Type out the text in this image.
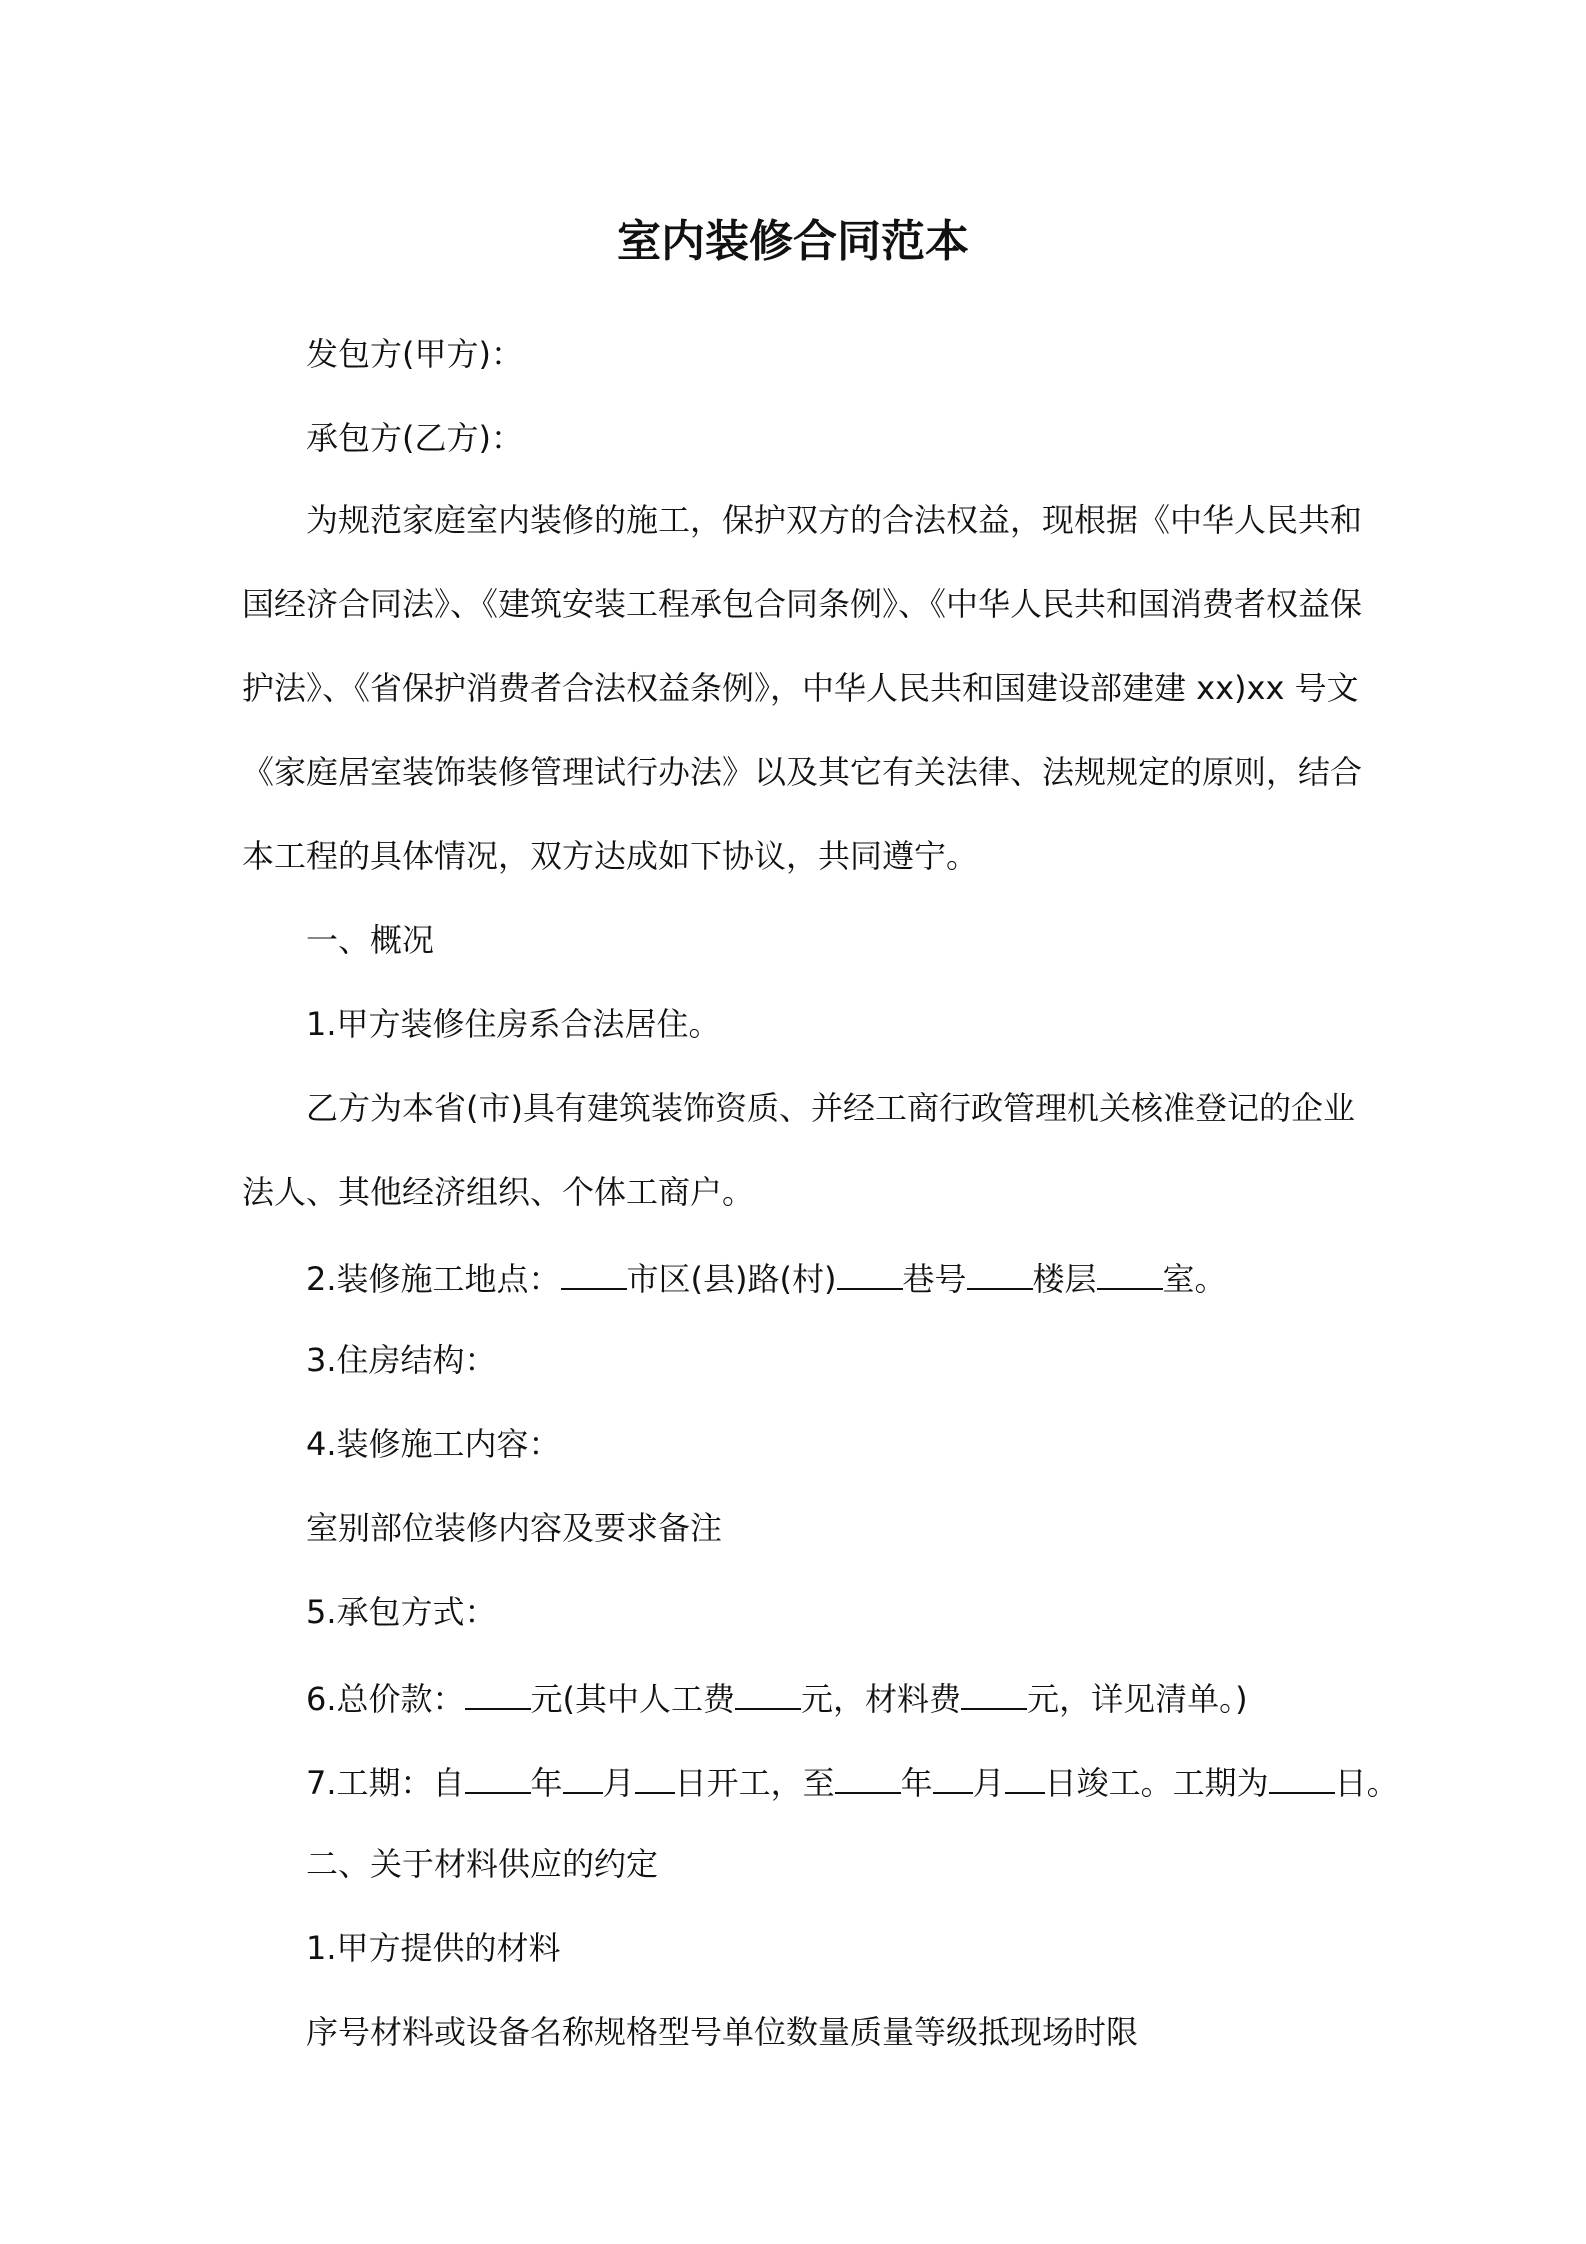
室内装修合同范本
发包方(甲方)：
承包方(乙方)：
为规范家庭室内装修的施工，保护双方的合法权益，现根据《中华人民共和
国经济合同法》、《建筑安装工程承包合同条例》、《中华人民共和国消费者权益保
护法》、《省保护消费者合法权益条例》，中华人民共和国建设部建建 xx)xx 号文
《家庭居室装饰装修管理试行办法》以及其它有关法律、法规规定的原则，结合
本工程的具体情况，双方达成如下协议，共同遵宁。
一、概况
1.甲方装修住房系合法居住。
乙方为本省(市)具有建筑装饰资质、并经工商行政管理机关核准登记的企业
法人、其他经济组织、个体工商户。
2.装修施工地点： 市区(县)路(村) 巷号 楼层 室。
3.住房结构：
4.装修施工内容：
室别部位装修内容及要求备注
5.承包方式：
6.总价款： 元(其中人工费 元，材料费 元，详见清单。)
7.工期：自 年 月 日开工，至 年 月 日竣工。工期为 日。
二、关于材料供应的约定
1.甲方提供的材料
序号材料或设备名称规格型号单位数量质量等级抵现场时限
